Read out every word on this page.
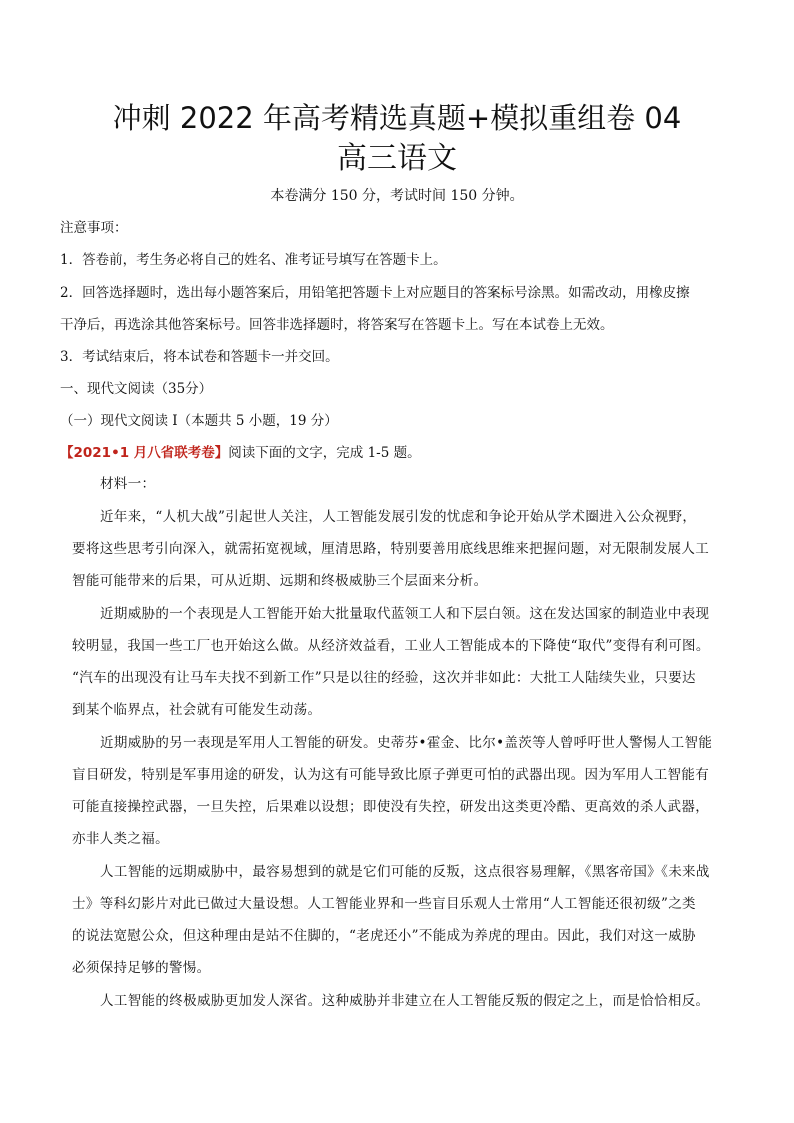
冲刺 2022 年高考精选真题+模拟重组卷 04
高三语文
本卷满分 150 分，考试时间 150 分钟。
注意事项：
1．答卷前，考生务必将自己的姓名、准考证号填写在答题卡上。
2．回答选择题时，选出每小题答案后，用铅笔把答题卡上对应题目的答案标号涂黑。如需改动，用橡皮擦
干净后，再选涂其他答案标号。回答非选择题时，将答案写在答题卡上。写在本试卷上无效。
3．考试结束后，将本试卷和答题卡一并交回。
一、现代文阅读（35分）
（一）现代文阅读 I（本题共 5 小题，19 分）
【2021•1 月八省联考卷】阅读下面的文字，完成 1-5 题。
材料一：
近年来，“人机大战”引起世人关注，人工智能发展引发的忧虑和争论开始从学术圈进入公众视野，
要将这些思考引向深入，就需拓宽视域，厘清思路，特别要善用底线思维来把握问题，对无限制发展人工
智能可能带来的后果，可从近期、远期和终极威胁三个层面来分析。
近期威胁的一个表现是人工智能开始大批量取代蓝领工人和下层白领。这在发达国家的制造业中表现
较明显，我国一些工厂也开始这么做。从经济效益看，工业人工智能成本的下降使“取代”变得有利可图。
“汽车的出现没有让马车夫找不到新工作”只是以往的经验，这次并非如此：大批工人陆续失业，只要达
到某个临界点，社会就有可能发生动荡。
近期威胁的另一表现是军用人工智能的研发。史蒂芬•霍金、比尔•盖茨等人曾呼吁世人警惕人工智能
盲目研发，特别是军事用途的研发，认为这有可能导致比原子弹更可怕的武器出现。因为军用人工智能有
可能直接操控武器，一旦失控，后果难以设想；即使没有失控，研发出这类更冷酷、更高效的杀人武器，
亦非人类之福。
人工智能的远期威胁中，最容易想到的就是它们可能的反叛，这点很容易理解，《黑客帝国》《未来战
士》等科幻影片对此已做过大量设想。人工智能业界和一些盲目乐观人士常用“人工智能还很初级”之类
的说法宽慰公众，但这种理由是站不住脚的，“老虎还小”不能成为养虎的理由。因此，我们对这一威胁
必须保持足够的警惕。
人工智能的终极威胁更加发人深省。这种威胁并非建立在人工智能反叛的假定之上，而是恰恰相反。
